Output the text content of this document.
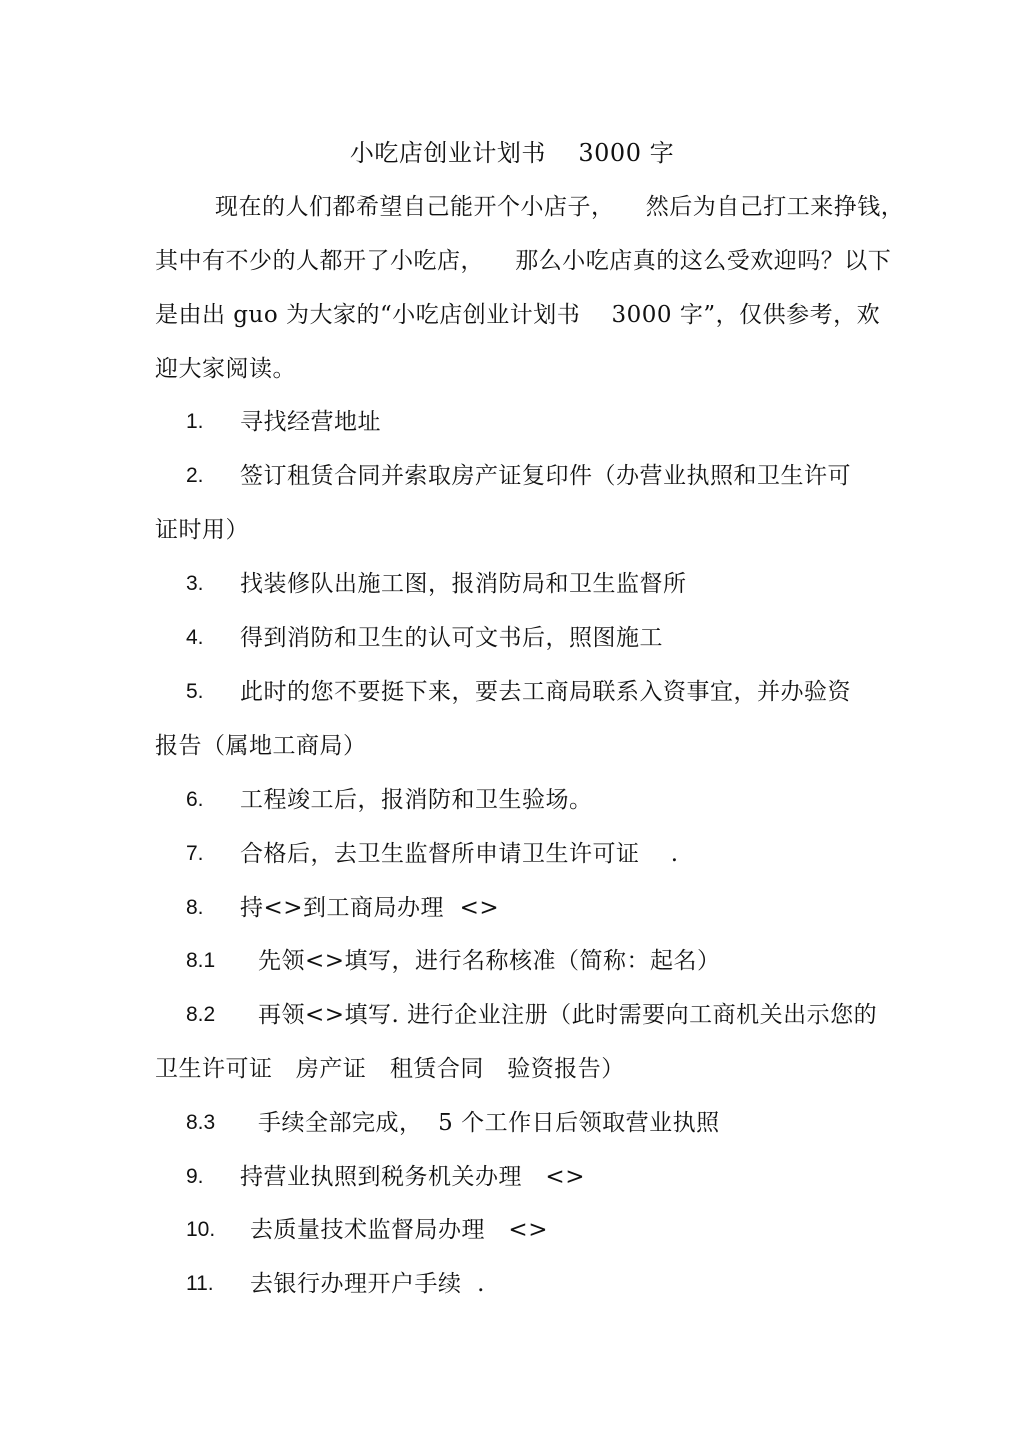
小吃店创业计划书    3000 字
现在的人们都希望自己能开个小店子，    然后为自己打工来挣钱，
其中有不少的人都开了小吃店，    那么小吃店真的这么受欢迎吗？以下
是由出 guo 为大家的“小吃店创业计划书    3000 字”，仅供参考，欢
迎大家阅读。
1. 寻找经营地址
2. 签订租赁合同并索取房产证复印件（办营业执照和卫生许可
证时用）
3. 找装修队出施工图，报消防局和卫生监督所
4. 得到消防和卫生的认可文书后，照图施工
5. 此时的您不要挺下来，要去工商局联系入资事宜，并办验资
报告（属地工商局）
6. 工程竣工后，报消防和卫生验场。
7. 合格后，去卫生监督所申请卫生许可证    .
8. 持<>到工商局办理  <>
8.1 先领<>填写，进行名称核准（简称：起名）
8.2 再领<>填写. 进行企业注册（此时需要向工商机关出示您的
卫生许可证   房产证   租赁合同   验资报告）
8.3 手续全部完成，  5 个工作日后领取营业执照
9. 持营业执照到税务机关办理   <>
10. 去质量技术监督局办理   <>
11. 去银行办理开户手续  .
